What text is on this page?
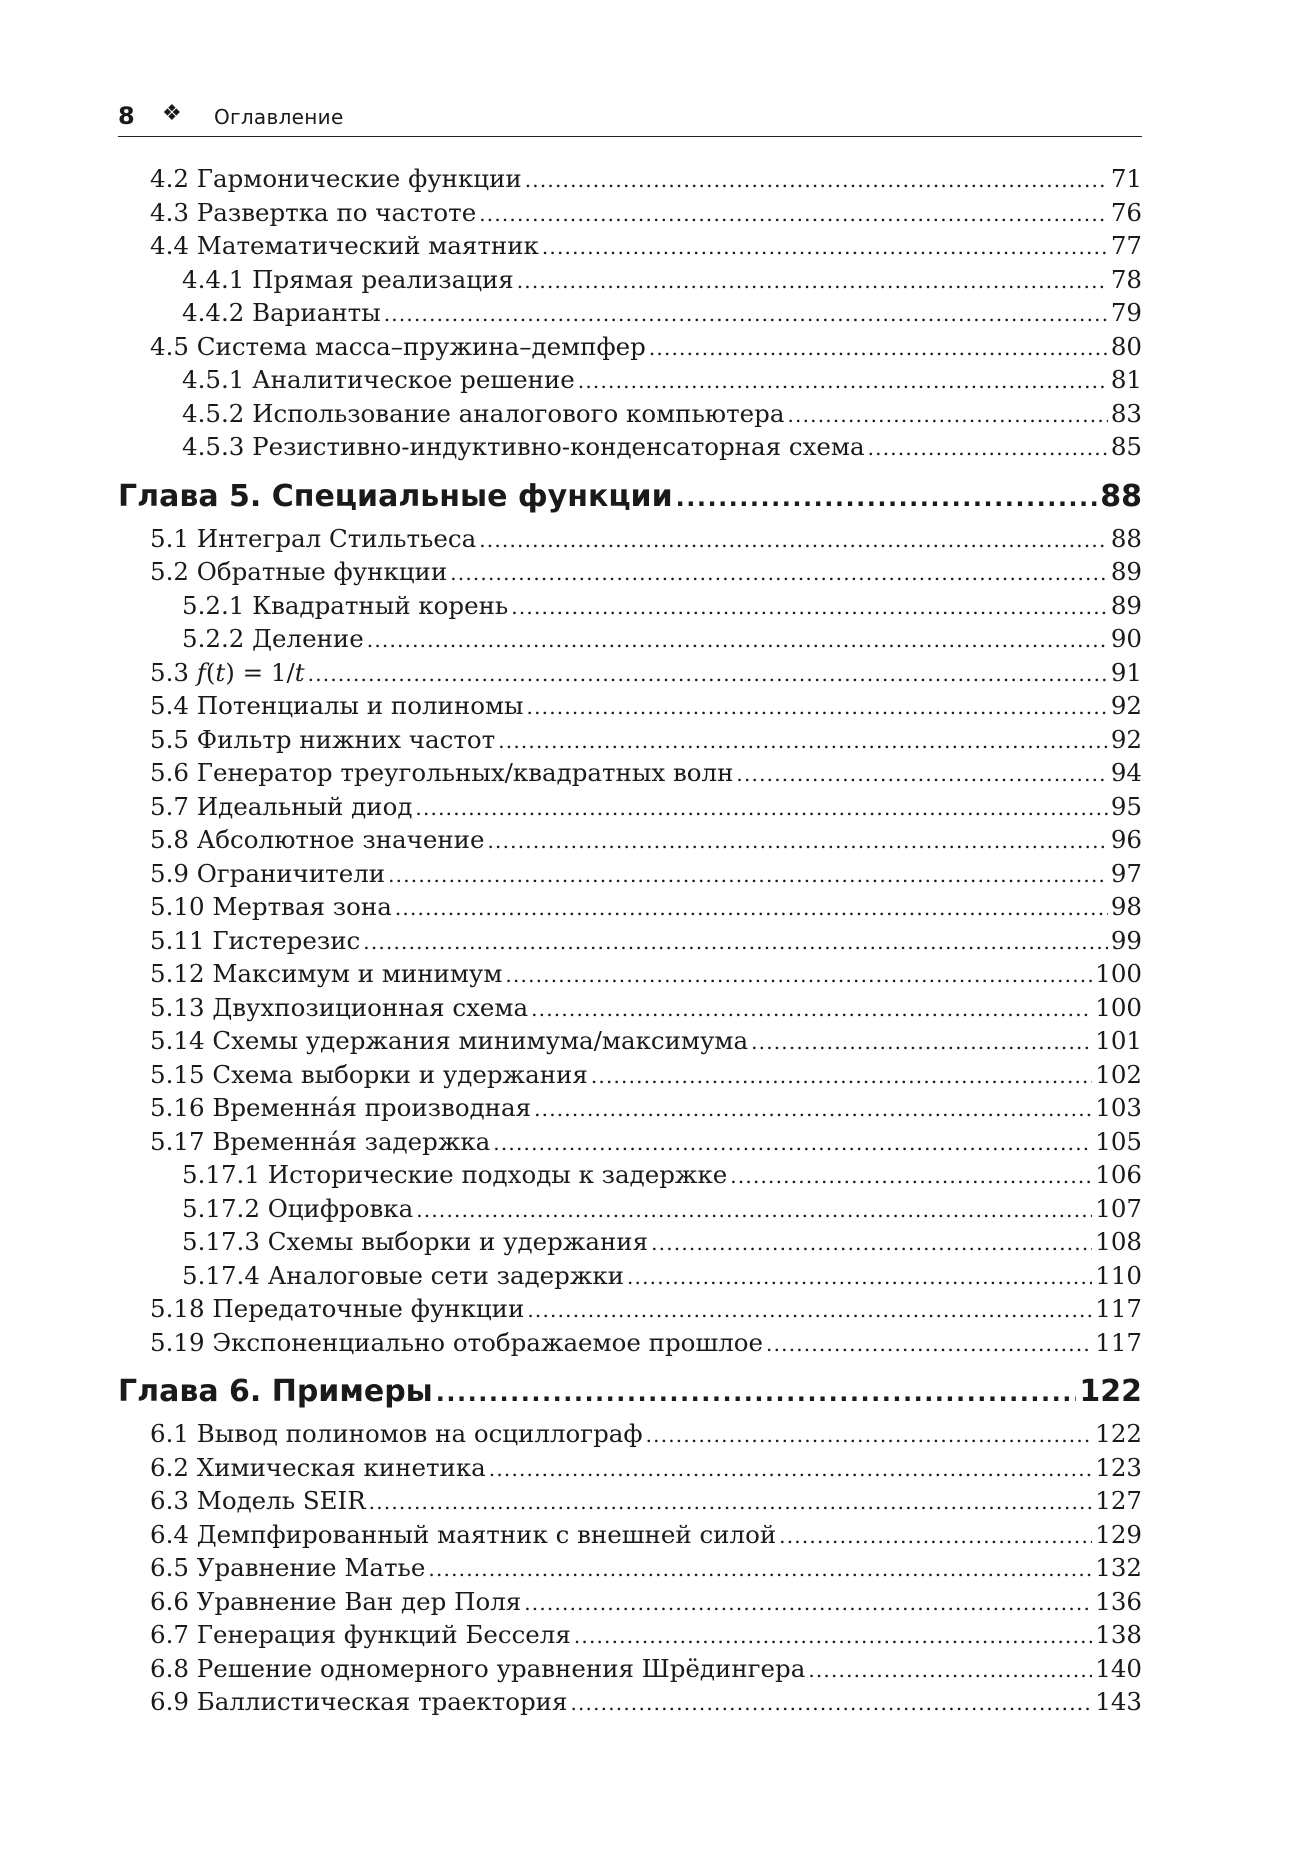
8 ❖ Оглавление
4.2 Гармонические функции .....	71
4.3 Развертка по частоте .....	76
4.4 Математический маятник .....	77
4.4.1 Прямая реализация .....	78
4.4.2 Варианты .....	79
4.5 Система масса–пружина–демпфер .....	80
4.5.1 Аналитическое решение .....	81
4.5.2 Использование аналогового компьютера .....	83
4.5.3 Резистивно-индуктивно-конденсаторная схема .....	85
Глава 5. Специальные функции .....	88
5.1 Интеграл Стильтьеса .....	88
5.2 Обратные функции .....	89
5.2.1 Квадратный корень .....	89
5.2.2 Деление .....	90
5.3 f(t) = 1/t .....	91
5.4 Потенциалы и полиномы .....	92
5.5 Фильтр нижних частот .....	92
5.6 Генератор треугольных/квадратных волн .....	94
5.7 Идеальный диод .....	95
5.8 Абсолютное значение .....	96
5.9 Ограничители .....	97
5.10 Мертвая зона .....	98
5.11 Гистерезис .....	99
5.12 Максимум и минимум .....	100
5.13 Двухпозиционная схема .....	100
5.14 Схемы удержания минимума/максимума .....	101
5.15 Схема выборки и удержания .....	102
5.16 Временна́я производная .....	103
5.17 Временна́я задержка .....	105
5.17.1 Исторические подходы к задержке .....	106
5.17.2 Оцифровка .....	107
5.17.3 Схемы выборки и удержания .....	108
5.17.4 Аналоговые сети задержки .....	110
5.18 Передаточные функции .....	117
5.19 Экспоненциально отображаемое прошлое .....	117
Глава 6. Примеры .....	122
6.1 Вывод полиномов на осциллограф .....	122
6.2 Химическая кинетика .....	123
6.3 Модель SEIR .....	127
6.4 Демпфированный маятник с внешней силой .....	129
6.5 Уравнение Матье .....	132
6.6 Уравнение Ван дер Поля .....	136
6.7 Генерация функций Бесселя .....	138
6.8 Решение одномерного уравнения Шрёдингера .....	140
6.9 Баллистическая траектория .....	143
